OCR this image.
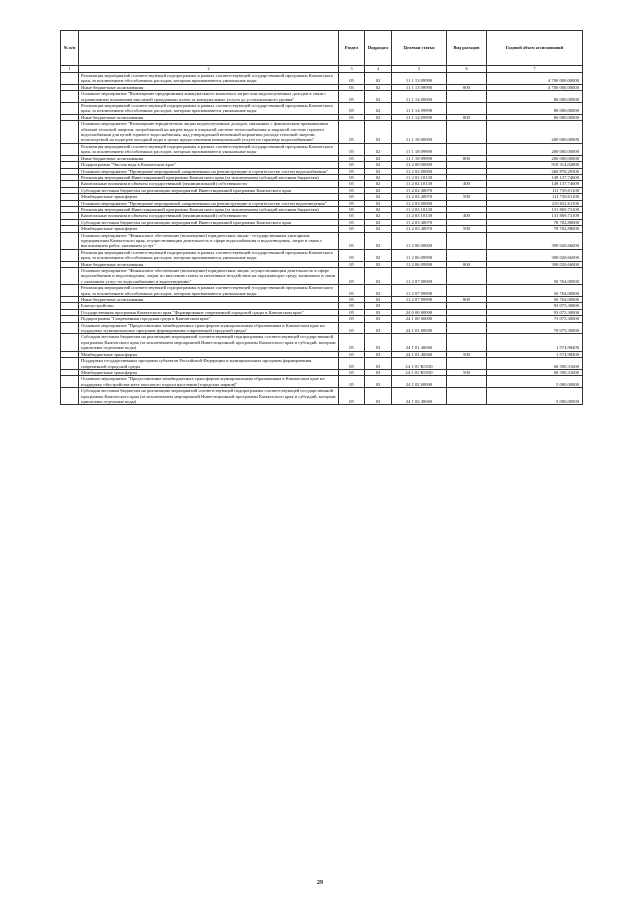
№ п/п		Раздел	Подраздел	Целевая статья	Вид расходов	Годовой объем ассигнований
1	2	3	4	5	6	7
	Реализация мероприятий соответствующей подпрограммы в рамках соответствующей государственной программы Камчатского края, за исключением обособленных расходов, которым присваиваются уникальные коды	05	02	11 1 13 09990		4 700 000,00000
	Иные бюджетные ассигнования	05	02	11 1 13 09990	800	4 700 000,00000
	Основное мероприятие "Возмещение предприятиям коммунального комплекса затрат или недополученных доходов в связи с ограничением повышения вносимой гражданами платы за коммунальные услуги до установленного уровня"	05	02	11 1 14 00000		80 000,00000
	Реализация мероприятий соответствующей подпрограммы в рамках соответствующей государственной программы Камчатского края, за исключением обособленных расходов, которым присваиваются уникальные коды	05	02	11 1 14 09990		80 000,00000
	Иные бюджетные ассигнования	05	02	11 1 14 09990	800	80 000,00000
	Основное мероприятие "Возмещение юридическим лицам недополученных доходов, связанных с фактическим превышением объемов тепловой энергии, потребляемой на нагрев воды в открытой системе теплоснабжения и закрытой системе горячего водоснабжения для целей горячего водоснабжения, над утвержденной величиной норматива расхода тепловой энергии, используемой на подогрев холодной воды в целях предоставления коммунальной услуги по горячему водоснабжению"	05	02	11 1 18 00000		200 000,00000
	Реализация мероприятий соответствующей подпрограммы в рамках соответствующей государственной программы Камчатского края, за исключением обособленных расходов, которым присваиваются уникальные коды	05	02	11 1 18 09990		200 000,00000
	Иные бюджетные ассигнования	05	02	11 1 18 09990	800	200 000,00000
	Подпрограмма "Чистая вода в Камчатском крае"	05	02	11 2 00 00000		918 314,02800
	Основное мероприятие "Проведение мероприятий, направленных на реконструкцию и строительство систем водоснабжения"	05	02	11 2 02 00000		260 876,29300
	Реализация мероприятий Инвестиционной программы Камчатского края (за исключением субсидий местным бюджетам)	05	02	11 2 02 10130		149 137,74600
	Капитальные вложения в объекты государственной (муниципальной) собственности	05	02	11 2 02 10130	400	149 137,74600
	Субсидии местным бюджетам на реализацию мероприятий Инвестиционной программы Камчатского края	05	02	11 2 02 40070		111 739,01100
	Межбюджетные трансферты	05	02	11 2 02 40070	500	111 739,01100
	Основное мероприятие "Проведение мероприятий, направленных на реконструкцию и строительство систем водоотведения"	05	02	11 2 03 00000		210 652,61100
	Реализация мероприятий Инвестиционной программы Камчатского края (за исключением субсидий местным бюджетам)	05	02	11 2 03 10130		131 869,73100
	Капитальные вложения в объекты государственной (муниципальной) собственности	05	02	11 2 03 10130	400	131 869,73100
	Субсидии местным бюджетам на реализацию мероприятий Инвестиционной программы Камчатского края	05	02	11 2 03 40070		78 782,88000
	Межбюджетные трансферты	05	02	11 2 03 40070	500	78 782,88000
	Основное мероприятие "Финансовое обеспечение (возмещение) юридическим лицам - государственным унитарным предприятиям Камчатского края, осуществляющим деятельность в сфере водоснабжения и водоотведения, затрат в связи с выполнением работ, оказанием услуг"	05	02	11 2 06 00000		390 020,66000
	Реализация мероприятий соответствующей подпрограммы в рамках соответствующей государственной программы Камчатского края, за исключением обособленных расходов, которым присваиваются уникальные коды	05	02	11 2 06 09990		390 020,66000
	Иные бюджетные ассигнования	05	02	11 2 06 09990	800	390 020,66000
	Основное мероприятие "Финансовое обеспечение (возмещение) юридическим лицам, осуществляющим деятельность в сфере водоснабжения и водоотведения, затрат по внесению платы за негативное воздействие на окружающую среду, возникших в связи с оказанием услуг по водоснабжению и водоотведению"	05	02	11 2 07 00000		56 764,00000
	Реализация мероприятий соответствующей подпрограммы в рамках соответствующей государственной программы Камчатского края, за исключением обособленных расходов, которым присваиваются уникальные коды	05	02	11 2 07 09990		56 764,00000
	Иные бюджетные ассигнования	05	02	11 2 07 09990	800	56 764,00000
	Благоустройство	05	03			93 075,30000
	Государственная программа Камчатского края "Формирование современной городской среды в Камчатском крае"	05	03	24 0 00 00000		93 075,30000
	Подпрограмма "Современная городская среда в Камчатском крае"	05	03	24 1 00 00000		73 075,30000
	Основное мероприятие "Предоставление межбюджетных трансфертов муниципальным образованиям в Камчатском крае на поддержку муниципальных программ формирования современной городской среды"	05	03	24 1 01 00000		70 075,30000
	Субсидии местным бюджетам на реализацию мероприятий соответствующей подпрограммы соответствующей государственной программы Камчатского края (за исключением мероприятий Инвестиционной программы Камчатского края и субсидий, которым присвоены отдельные коды)	05	03	24 1 01 40060		1 574,98400
	Межбюджетные трансферты	05	03	24 1 01 40060	500	1 574,98400
	Поддержка государственных программ субъектов Российской Федерации и муниципальных программ формирования современной городской среды	05	03	24 1 01 R5550		68 500,31600
	Межбюджетные трансферты	05	03	24 1 01 R5550	500	68 500,31600
	Основное мероприятие "Предоставление межбюджетных трансфертов муниципальным образованиям в Камчатском крае на поддержку обустройства мест массового отдыха населения (городских парков)"	05	03	24 1 02 00000		5 000,00000
	Субсидии местным бюджетам на реализацию мероприятий соответствующей подпрограммы соответствующей государственной программы Камчатского края (за исключением мероприятий Инвестиционной программы Камчатского края и субсидий, которым присвоены отдельные коды)	05	03	24 1 02 40060		5 000,00000
29
